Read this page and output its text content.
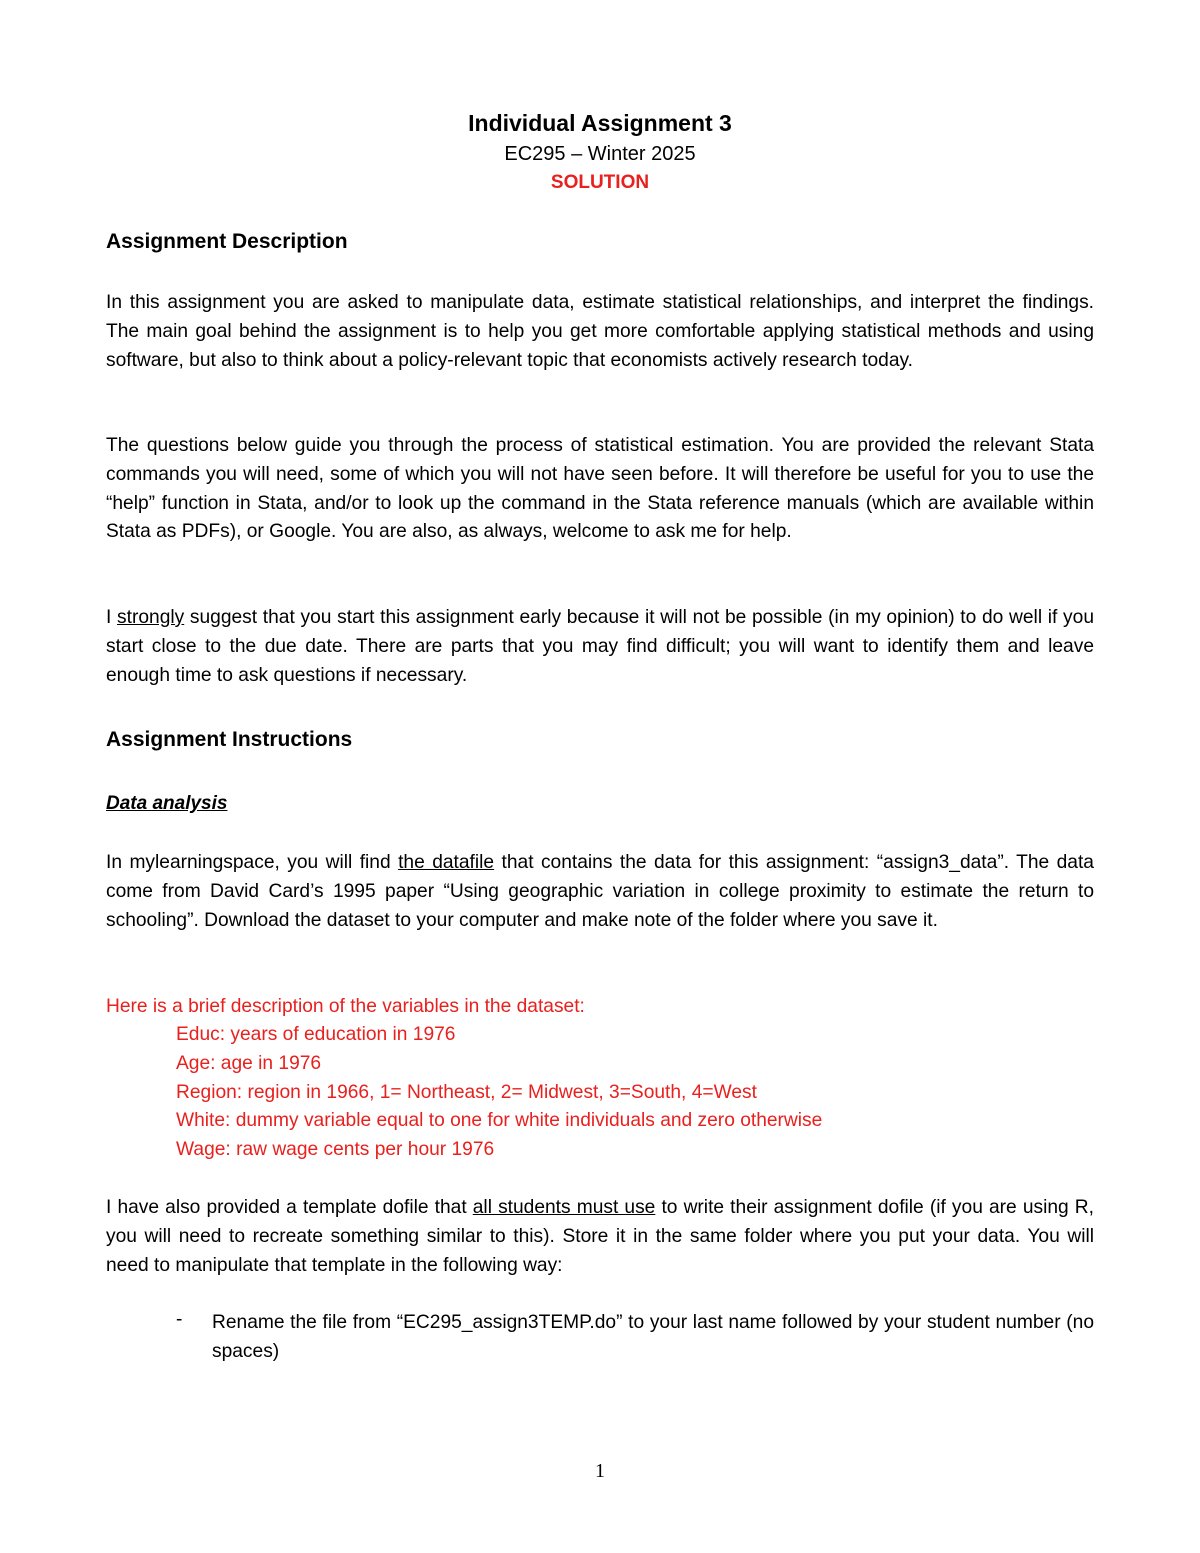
Individual Assignment 3
EC295 – Winter 2025
SOLUTION
Assignment Description
In this assignment you are asked to manipulate data, estimate statistical relationships, and interpret the findings. The main goal behind the assignment is to help you get more comfortable applying statistical methods and using software, but also to think about a policy-relevant topic that economists actively research today.
The questions below guide you through the process of statistical estimation. You are provided the relevant Stata commands you will need, some of which you will not have seen before. It will therefore be useful for you to use the “help” function in Stata, and/or to look up the command in the Stata reference manuals (which are available within Stata as PDFs), or Google. You are also, as always, welcome to ask me for help.
I strongly suggest that you start this assignment early because it will not be possible (in my opinion) to do well if you start close to the due date. There are parts that you may find difficult; you will want to identify them and leave enough time to ask questions if necessary.
Assignment Instructions
Data analysis
In mylearningspace, you will find the datafile that contains the data for this assignment: “assign3_data”. The data come from David Card’s 1995 paper “Using geographic variation in college proximity to estimate the return to schooling”. Download the dataset to your computer and make note of the folder where you save it.
Here is a brief description of the variables in the dataset:
Educ: years of education in 1976
Age: age in 1976
Region: region in 1966, 1= Northeast, 2= Midwest, 3=South, 4=West
White: dummy variable equal to one for white individuals and zero otherwise
Wage: raw wage cents per hour 1976
I have also provided a template dofile that all students must use to write their assignment dofile (if you are using R, you will need to recreate something similar to this). Store it in the same folder where you put your data. You will need to manipulate that template in the following way:
- Rename the file from “EC295_assign3TEMP.do” to your last name followed by your student number (no spaces)
1
